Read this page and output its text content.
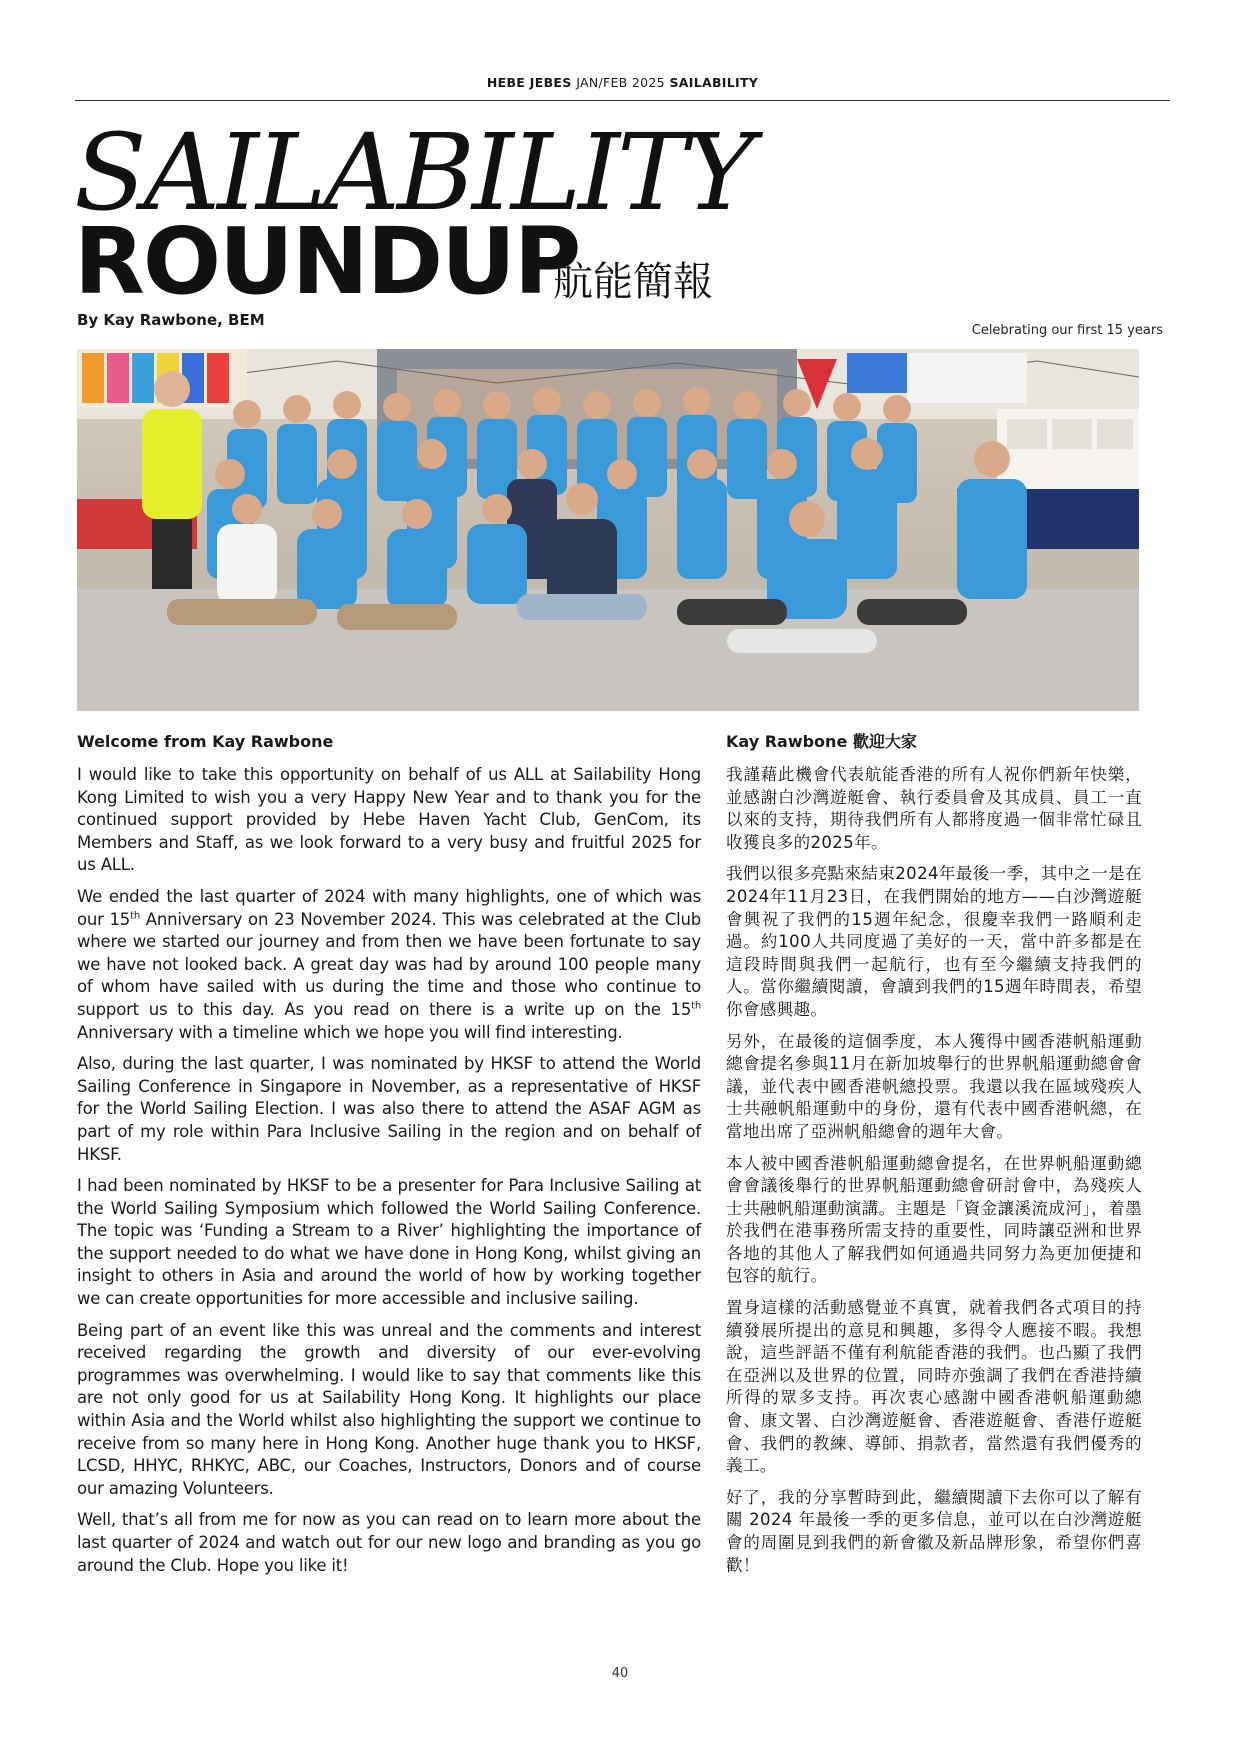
HEBE JEBES JAN/FEB 2025 SAILABILITY
SAILABILITY
ROUNDUP
航能簡報
By Kay Rawbone, BEM
Celebrating our first 15 years
Welcome from Kay Rawbone

I would like to take this opportunity on behalf of us ALL at Sailability Hong Kong Limited to wish you a very Happy New Year and to thank you for the continued support provided by Hebe Haven Yacht Club, GenCom, its Members and Staff, as we look forward to a very busy and fruitful 2025 for us ALL.

We ended the last quarter of 2024 with many highlights, one of which was our 15th Anniversary on 23 November 2024. This was celebrated at the Club where we started our journey and from then we have been fortunate to say we have not looked back. A great day was had by around 100 people many of whom have sailed with us during the time and those who continue to support us to this day. As you read on there is a write up on the 15th Anniversary with a timeline which we hope you will find interesting.

Also, during the last quarter, I was nominated by HKSF to attend the World Sailing Conference in Singapore in November, as a representative of HKSF for the World Sailing Election. I was also there to attend the ASAF AGM as part of my role within Para Inclusive Sailing in the region and on behalf of HKSF.

I had been nominated by HKSF to be a presenter for Para Inclusive Sailing at the World Sailing Symposium which followed the World Sailing Conference. The topic was ‘Funding a Stream to a River’ highlighting the importance of the support needed to do what we have done in Hong Kong, whilst giving an insight to others in Asia and around the world of how by working together we can create opportunities for more accessible and inclusive sailing.

Being part of an event like this was unreal and the comments and interest received regarding the growth and diversity of our ever-evolving programmes was overwhelming. I would like to say that comments like this are not only good for us at Sailability Hong Kong. It highlights our place within Asia and the World whilst also highlighting the support we continue to receive from so many here in Hong Kong. Another huge thank you to HKSF, LCSD, HHYC, RHKYC, ABC, our Coaches, Instructors, Donors and of course our amazing Volunteers.

Well, that’s all from me for now as you can read on to learn more about the last quarter of 2024 and watch out for our new logo and branding as you go around the Club. Hope you like it!

Kay Rawbone 歡迎大家

我謹藉此機會代表航能香港的所有人祝你們新年快樂，並感謝白沙灣遊艇會、執行委員會及其成員、員工一直以來的支持，期待我們所有人都將度過一個非常忙碌且收獲良多的2025年。

我們以很多亮點來結束2024年最後一季，其中之一是在2024年11月23日，在我們開始的地方——白沙灣遊艇會興祝了我們的15週年紀念，很慶幸我們一路順利走過。約100人共同度過了美好的一天，當中許多都是在這段時間與我們一起航行，也有至今繼續支持我們的人。當你繼續閱讀，會讀到我們的15週年時間表，希望你會感興趣。

另外，在最後的這個季度，本人獲得中國香港帆船運動總會提名參與11月在新加坡舉行的世界帆船運動總會會議，並代表中國香港帆總投票。我還以我在區域殘疾人士共融帆船運動中的身份，還有代表中國香港帆總，在當地出席了亞洲帆船總會的週年大會。

本人被中國香港帆船運動總會提名，在世界帆船運動總會會議後舉行的世界帆船運動總會研討會中，為殘疾人士共融帆船運動演講。主題是「資金讓溪流成河」，着墨於我們在港事務所需支持的重要性，同時讓亞洲和世界各地的其他人了解我們如何通過共同努力為更加便捷和包容的航行。

置身這樣的活動感覺並不真實，就着我們各式項目的持續發展所提出的意見和興趣，多得令人應接不暇。我想說，這些評語不僅有利航能香港的我們。也凸顯了我們在亞洲以及世界的位置，同時亦強調了我們在香港持續所得的眾多支持。再次衷心感謝中國香港帆船運動總會、康文署、白沙灣遊艇會、香港遊艇會、香港仔遊艇會、我們的教練、導師、捐款者，當然還有我們優秀的義工。

好了，我的分享暫時到此，繼續閱讀下去你可以了解有關 2024 年最後一季的更多信息，並可以在白沙灣遊艇會的周圍見到我們的新會徽及新品牌形象，希望你們喜歡！

40
